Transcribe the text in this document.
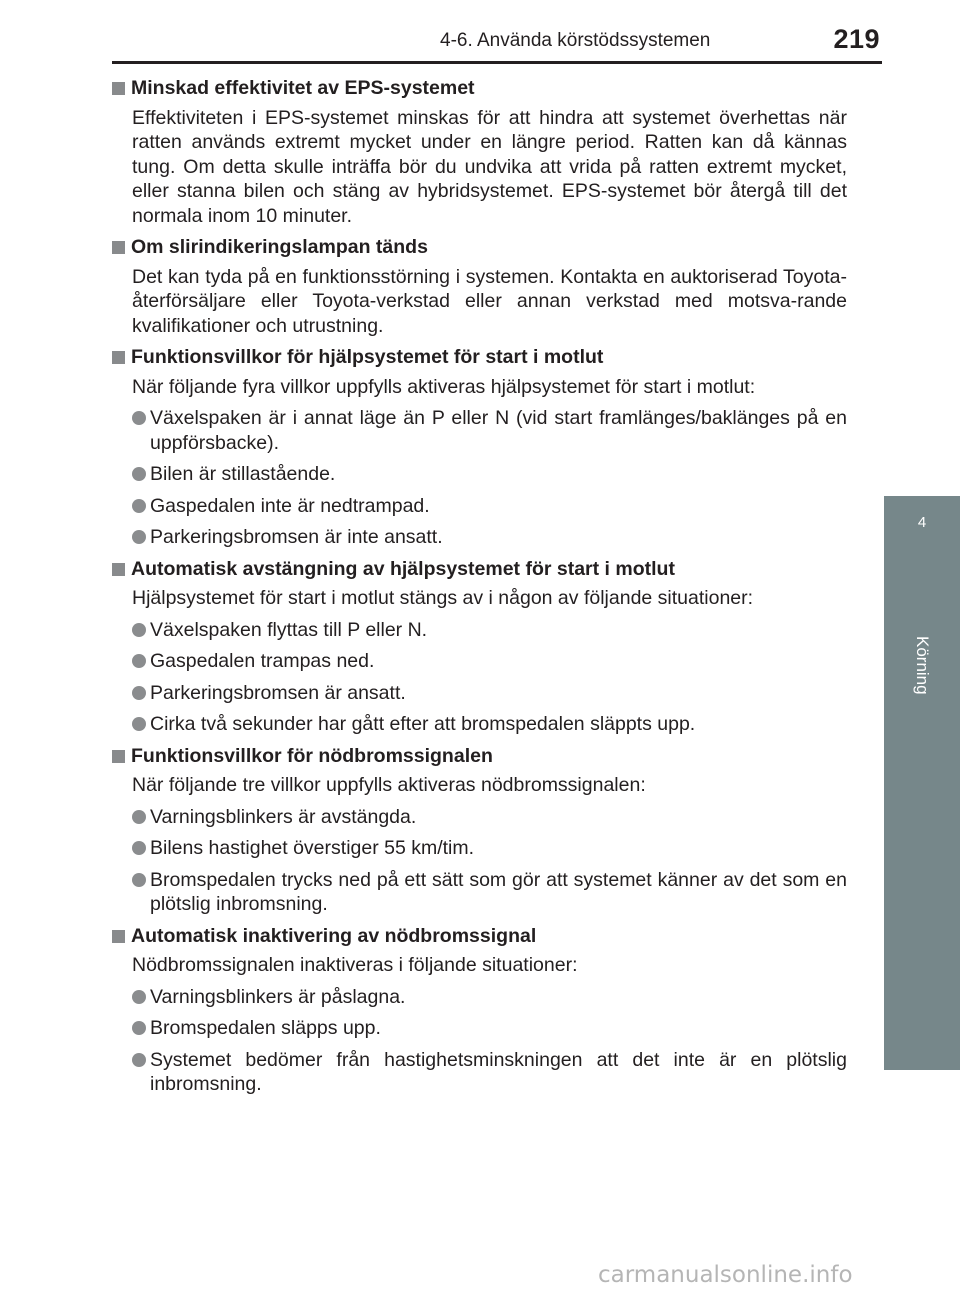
4-6. Använda körstödssystemen	219
4
Körning
Minskad effektivitet av EPS-systemet
Effektiviteten i EPS-systemet minskas för att hindra att systemet överhettas när ratten används extremt mycket under en längre period. Ratten kan då kännas tung. Om detta skulle inträffa bör du undvika att vrida på ratten extremt mycket, eller stanna bilen och stäng av hybridsystemet. EPS-systemet bör återgå till det normala inom 10 minuter.
Om slirindikeringslampan tänds
Det kan tyda på en funktionsstörning i systemen. Kontakta en auktoriserad Toyota-återförsäljare eller Toyota-verkstad eller annan verkstad med motsva-rande kvalifikationer och utrustning.
Funktionsvillkor för hjälpsystemet för start i motlut
När följande fyra villkor uppfylls aktiveras hjälpsystemet för start i motlut:
Växelspaken är i annat läge än P eller N (vid start framlänges/baklänges på en uppförsbacke).
Bilen är stillastående.
Gaspedalen inte är nedtrampad.
Parkeringsbromsen är inte ansatt.
Automatisk avstängning av hjälpsystemet för start i motlut
Hjälpsystemet för start i motlut stängs av i någon av följande situationer:
Växelspaken flyttas till P eller N.
Gaspedalen trampas ned.
Parkeringsbromsen är ansatt.
Cirka två sekunder har gått efter att bromspedalen släppts upp.
Funktionsvillkor för nödbromssignalen
När följande tre villkor uppfylls aktiveras nödbromssignalen:
Varningsblinkers är avstängda.
Bilens hastighet överstiger 55 km/tim.
Bromspedalen trycks ned på ett sätt som gör att systemet känner av det som en plötslig inbromsning.
Automatisk inaktivering av nödbromssignal
Nödbromssignalen inaktiveras i följande situationer:
Varningsblinkers är påslagna.
Bromspedalen släpps upp.
Systemet bedömer från hastighetsminskningen att det inte är en plötslig inbromsning.
carmanualsonline.info
